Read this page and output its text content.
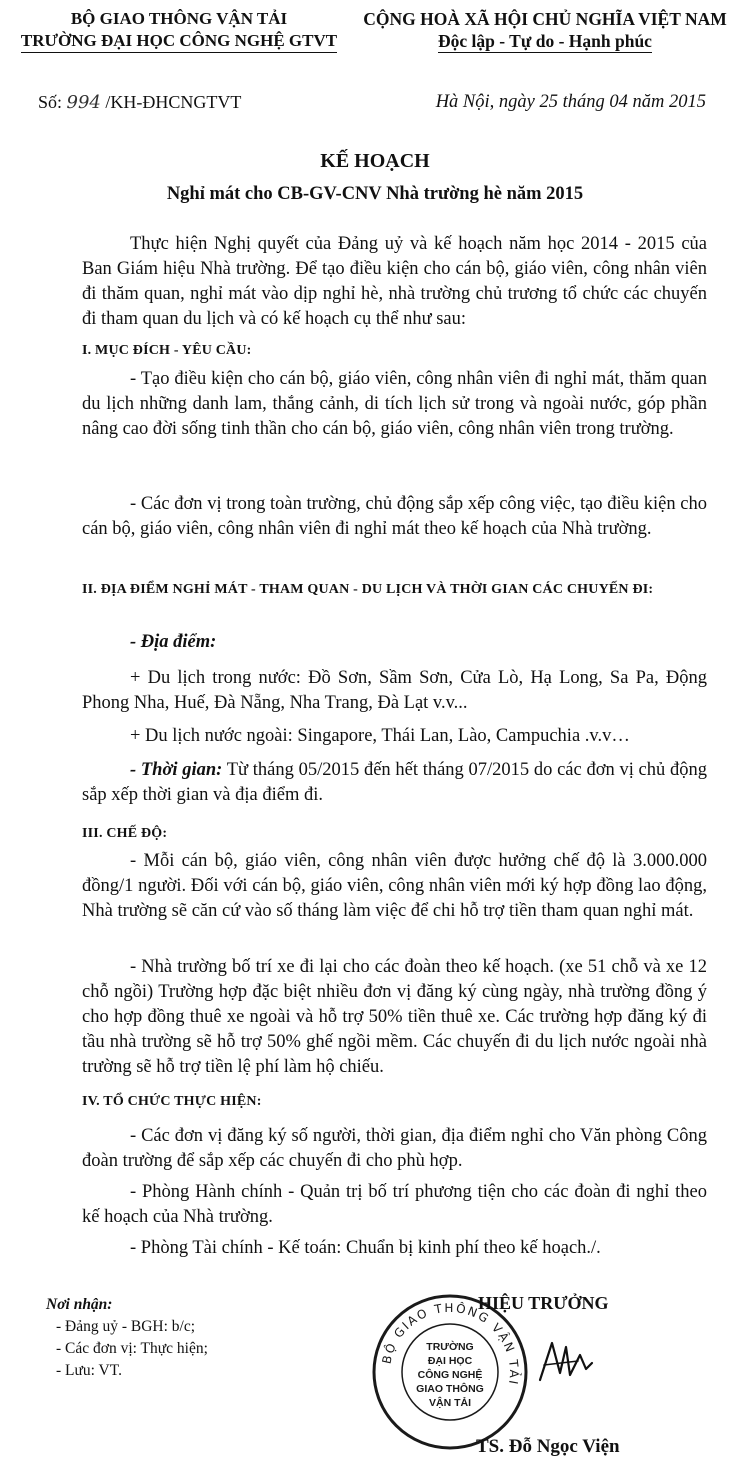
BỘ GIAO THÔNG VẬN TẢI
TRƯỜNG ĐẠI HỌC CÔNG NGHỆ GTVT
CỘNG HOÀ XÃ HỘI CHỦ NGHĨA VIỆT NAM
Độc lập - Tự do - Hạnh phúc
Số: 994 /KH-ĐHCNGTVT	Hà Nội, ngày 25 tháng 04 năm 2015
KẾ HOẠCH
Nghỉ mát cho CB-GV-CNV Nhà trường hè năm 2015

Thực hiện Nghị quyết của Đảng uỷ và kế hoạch năm học 2014 - 2015 của Ban Giám hiệu Nhà trường. Để tạo điều kiện cho cán bộ, giáo viên, công nhân viên đi thăm quan, nghỉ mát vào dịp nghỉ hè, nhà trường chủ trương tổ chức các chuyến đi tham quan du lịch và có kế hoạch cụ thể như sau:

I. MỤC ĐÍCH - YÊU CẦU:

- Tạo điều kiện cho cán bộ, giáo viên, công nhân viên đi nghỉ mát, thăm quan du lịch những danh lam, thắng cảnh, di tích lịch sử trong và ngoài nước, góp phần nâng cao đời sống tinh thần cho cán bộ, giáo viên, công nhân viên trong trường.

- Các đơn vị trong toàn trường, chủ động sắp xếp công việc, tạo điều kiện cho cán bộ, giáo viên, công nhân viên đi nghỉ mát theo kế hoạch của Nhà trường.

II. ĐỊA ĐIỂM NGHỈ MÁT - THAM QUAN - DU LỊCH VÀ THỜI GIAN CÁC CHUYẾN ĐI:

- Địa điểm:

+ Du lịch trong nước: Đồ Sơn, Sầm Sơn, Cửa Lò, Hạ Long, Sa Pa, Động Phong Nha, Huế, Đà Nẵng, Nha Trang, Đà Lạt v.v...

+ Du lịch nước ngoài: Singapore, Thái Lan, Lào, Campuchia .v.v…

- Thời gian: Từ tháng 05/2015 đến hết tháng 07/2015 do các đơn vị chủ động sắp xếp thời gian và địa điểm đi.

III. CHẾ ĐỘ:

- Mỗi cán bộ, giáo viên, công nhân viên được hưởng chế độ là 3.000.000 đồng/1 người. Đối với cán bộ, giáo viên, công nhân viên mới ký hợp đồng lao động, Nhà trường sẽ căn cứ vào số tháng làm việc để chi hỗ trợ tiền tham quan nghỉ mát.

- Nhà trường bố trí xe đi lại cho các đoàn theo kế hoạch. (xe 51 chỗ và xe 12 chỗ ngồi) Trường hợp đặc biệt nhiều đơn vị đăng ký cùng ngày, nhà trường đồng ý cho hợp đồng thuê xe ngoài và hỗ trợ 50% tiền thuê xe. Các trường hợp đăng ký đi tầu nhà trường sẽ hỗ trợ 50% ghế ngồi mềm. Các chuyến đi du lịch nước ngoài nhà trường sẽ hỗ trợ tiền lệ phí làm hộ chiếu.

IV. TỔ CHỨC THỰC HIỆN:

- Các đơn vị đăng ký số người, thời gian, địa điểm nghỉ cho Văn phòng Công đoàn trường để sắp xếp các chuyến đi cho phù hợp.

- Phòng Hành chính - Quản trị bố trí phương tiện cho các đoàn đi nghỉ theo kế hoạch của Nhà trường.

- Phòng Tài chính - Kế toán: Chuẩn bị kinh phí theo kế hoạch./.

Nơi nhận:
- Đảng uỷ - BGH: b/c;
- Các đơn vị: Thực hiện;
- Lưu: VT.
BỘ GIAO THÔNG VẬN TẢI
TRƯỜNG
ĐẠI HỌC
CÔNG NGHỆ
GIAO THÔNG
VẬN TẢI
HIỆU TRƯỞNG
TS. Đỗ Ngọc Viện
